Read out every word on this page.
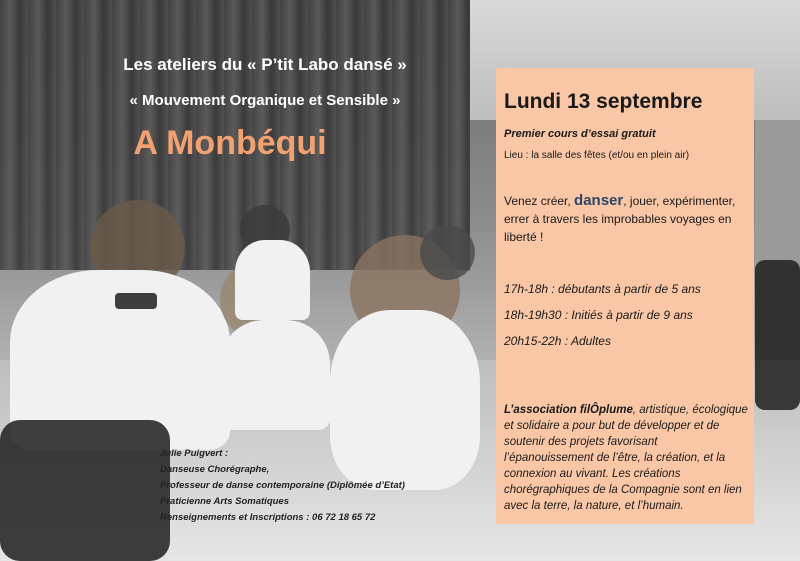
Les ateliers du « P’tit Labo dansé »
« Mouvement Organique et Sensible »
A Monbéqui
Lundi 13 septembre
Premier cours d’essai gratuit
Lieu : la salle des fêtes (et/ou en plein air)
Venez créer, danser, jouer, expérimenter, errer à travers les improbables voyages en liberté !
17h-18h : débutants à partir de 5 ans
18h-19h30 : Initiés à partir de 9 ans
20h15-22h : Adultes
L’association filÔplume, artistique, écologique et solidaire a pour but de développer et de soutenir des projets favorisant l’épanouissement de l’être, la création, et la connexion au vivant. Les créations chorégraphiques de la Compagnie sont en lien avec la terre, la nature, et l’humain.
Julie Puigvert :
Danseuse Chorégraphe,
Professeur de danse contemporaine (Diplômée d’Etat)
Praticienne Arts Somatiques
Renseignements et Inscriptions : 06 72 18 65 72
